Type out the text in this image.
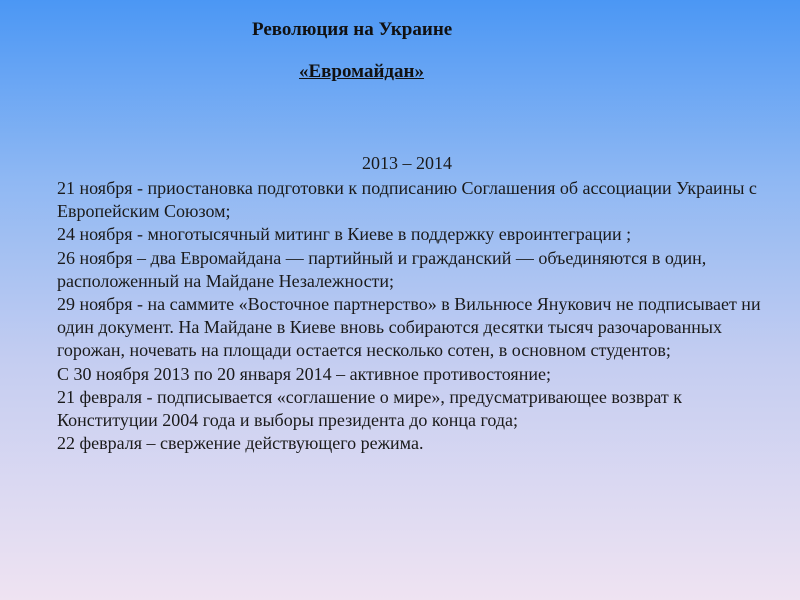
Революция на Украине
«Евромайдан»
2013 – 2014
21 ноября - приостановка подготовки к подписанию Соглашения об ассоциации Украины с Европейским Союзом;
24 ноября - многотысячный митинг в Киеве в поддержку евроинтеграции ;
26 ноября – два Евромайдана — партийный и гражданский — объединяются в один, расположенный на Майдане Незалежности;
29 ноября - на саммите «Восточное партнерство» в Вильнюсе Янукович не подписывает ни один документ. На Майдане в Киеве вновь собираются десятки тысяч разочарованных горожан, ночевать на площади остается несколько сотен, в основном студентов;
С 30 ноября 2013 по 20 января 2014 – активное противостояние;
21 февраля - подписывается «соглашение о мире», предусматривающее возврат к Конституции 2004 года и выборы президента до конца года;
22 февраля – свержение действующего режима.
